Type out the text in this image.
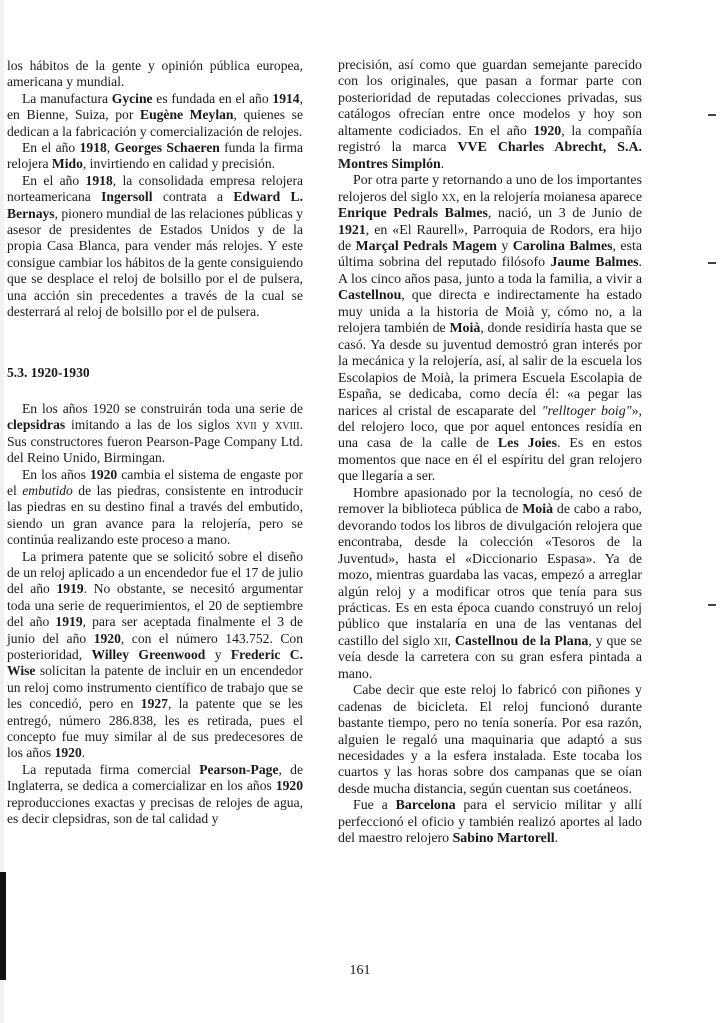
los hábitos de la gente y opinión pública europea, americana y mundial.

La manufactura Gycine es fundada en el año 1914, en Bienne, Suiza, por Eugène Meylan, quienes se dedican a la fabricación y comercialización de relojes.

En el año 1918, Georges Schaeren funda la firma relojera Mido, invirtiendo en calidad y precisión.

En el año 1918, la consolidada empresa relojera norteamericana Ingersoll contrata a Edward L. Bernays, pionero mundial de las relaciones públicas y asesor de presidentes de Estados Unidos y de la propia Casa Blanca, para vender más relojes. Y este consigue cambiar los hábitos de la gente consiguiendo que se desplace el reloj de bolsillo por el de pulsera, una acción sin precedentes a través de la cual se desterrará al reloj de bolsillo por el de pulsera.

5.3. 1920-1930

En los años 1920 se construirán toda una serie de clepsidras imitando a las de los siglos xvii y xviii. Sus constructores fueron Pearson-Page Company Ltd. del Reino Unido, Birmingan.

En los años 1920 cambia el sistema de engaste por el embutido de las piedras, consistente en introducir las piedras en su destino final a través del embutido, siendo un gran avance para la relojería, pero se continúa realizando este proceso a mano.

La primera patente que se solicitó sobre el diseño de un reloj aplicado a un encendedor fue el 17 de julio del año 1919. No obstante, se necesitó argumentar toda una serie de requerimientos, el 20 de septiembre del año 1919, para ser aceptada finalmente el 3 de junio del año 1920, con el número 143.752. Con posterioridad, Willey Greenwood y Frederic C. Wise solicitan la patente de incluir en un encendedor un reloj como instrumento científico de trabajo que se les concedió, pero en 1927, la patente que se les entregó, número 286.838, les es retirada, pues el concepto fue muy similar al de sus predecesores de los años 1920.

La reputada firma comercial Pearson-Page, de Inglaterra, se dedica a comercializar en los años 1920 reproducciones exactas y precisas de relojes de agua, es decir clepsidras, son de tal calidad y

precisión, así como que guardan semejante parecido con los originales, que pasan a formar parte con posterioridad de reputadas colecciones privadas, sus catálogos ofrecían entre once modelos y hoy son altamente codiciados. En el año 1920, la compañía registró la marca VVE Charles Abrecht, S.A. Montres Simplón.

Por otra parte y retornando a uno de los importantes relojeros del siglo xx, en la relojería moianesa aparece Enrique Pedrals Balmes, nació, un 3 de Junio de 1921, en «El Raurell», Parroquia de Rodors, era hijo de Marçal Pedrals Magem y Carolina Balmes, esta última sobrina del reputado filósofo Jaume Balmes. A los cinco años pasa, junto a toda la familia, a vivir a Castellnou, que directa e indirectamente ha estado muy unida a la historia de Moià y, cómo no, a la relojera también de Moià, donde residiría hasta que se casó. Ya desde su juventud demostró gran interés por la mecánica y la relojería, así, al salir de la escuela los Escolapios de Moià, la primera Escuela Escolapia de España, se dedicaba, como decía él: «a pegar las narices al cristal de escaparate del "relltoger boig"», del relojero loco, que por aquel entonces residía en una casa de la calle de Les Joies. Es en estos momentos que nace en él el espíritu del gran relojero que llegaría a ser.

Hombre apasionado por la tecnología, no cesó de remover la biblioteca pública de Moià de cabo a rabo, devorando todos los libros de divulgación relojera que encontraba, desde la colección «Tesoros de la Juventud», hasta el «Diccionario Espasa». Ya de mozo, mientras guardaba las vacas, empezó a arreglar algún reloj y a modificar otros que tenía para sus prácticas. Es en esta época cuando construyó un reloj público que instalaría en una de las ventanas del castillo del siglo xii, Castellnou de la Plana, y que se veía desde la carretera con su gran esfera pintada a mano.

Cabe decir que este reloj lo fabricó con piñones y cadenas de bicicleta. El reloj funcionó durante bastante tiempo, pero no tenía sonería. Por esa razón, alguien le regaló una maquinaria que adaptó a sus necesidades y a la esfera instalada. Este tocaba los cuartos y las horas sobre dos campanas que se oían desde mucha distancia, según cuentan sus coetáneos.

Fue a Barcelona para el servicio militar y allí perfeccionó el oficio y también realizó aportes al lado del maestro relojero Sabino Martorell.

161
